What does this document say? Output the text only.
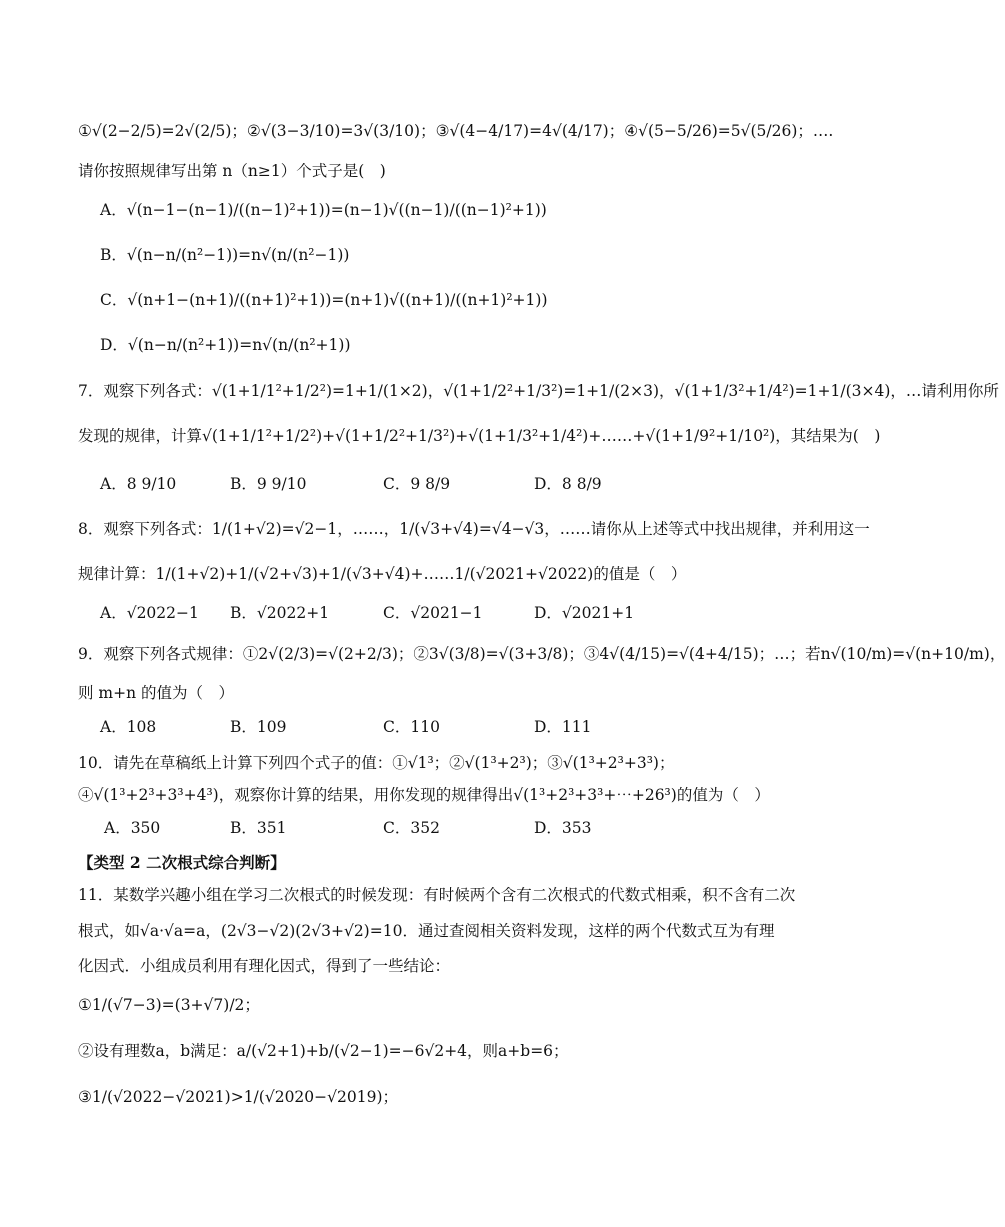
①√(2−2/5)=2√(2/5)；②√(3−3/10)=3√(3/10)；③√(4−4/17)=4√(4/17)；④√(5−5/26)=5√(5/26)；….
请你按照规律写出第 n（n≥1）个式子是(　)
A．√(n−1−(n−1)/((n−1)²+1))=(n−1)√((n−1)/((n−1)²+1))
B．√(n−n/(n²−1))=n√(n/(n²−1))
C．√(n+1−(n+1)/((n+1)²+1))=(n+1)√((n+1)/((n+1)²+1))
D．√(n−n/(n²+1))=n√(n/(n²+1))
7．观察下列各式：√(1+1/1²+1/2²)=1+1/(1×2)，√(1+1/2²+1/3²)=1+1/(2×3)，√(1+1/3²+1/4²)=1+1/(3×4)，…请利用你所
发现的规律，计算√(1+1/1²+1/2²)+√(1+1/2²+1/3²)+√(1+1/3²+1/4²)+……+√(1+1/9²+1/10²)，其结果为(　)
A．8 9/10	B．9 9/10	C．9 8/9	D．8 8/9
8．观察下列各式：1/(1+√2)=√2−1，……，1/(√3+√4)=√4−√3，……请你从上述等式中找出规律，并利用这一
规律计算：1/(1+√2)+1/(√2+√3)+1/(√3+√4)+……1/(√2021+√2022)的值是（　）
A．√2022−1 B．√2022+1	C．√2021−1	D．√2021+1
9．观察下列各式规律：①2√(2/3)=√(2+2/3)；②3√(3/8)=√(3+3/8)；③4√(4/15)=√(4+4/15)；…；若n√(10/m)=√(n+10/m)，
则 m+n 的值为（　）
A．108	B．109	C．110	D．111
10．请先在草稿纸上计算下列四个式子的值：①√1³；②√(1³+2³)；③√(1³+2³+3³)；
④√(1³+2³+3³+4³)，观察你计算的结果，用你发现的规律得出√(1³+2³+3³+⋯+26³)的值为（　）
A．350	B．351	C．352	D．353
【类型 2 二次根式综合判断】
11．某数学兴趣小组在学习二次根式的时候发现：有时候两个含有二次根式的代数式相乘，积不含有二次
根式，如√a·√a=a，(2√3−√2)(2√3+√2)=10．通过查阅相关资料发现，这样的两个代数式互为有理
化因式．小组成员利用有理化因式，得到了一些结论：
①1/(√7−3)=(3+√7)/2；
②设有理数a，b满足：a/(√2+1)+b/(√2−1)=−6√2+4，则a+b=6；
③1/(√2022−√2021)>1/(√2020−√2019)；
